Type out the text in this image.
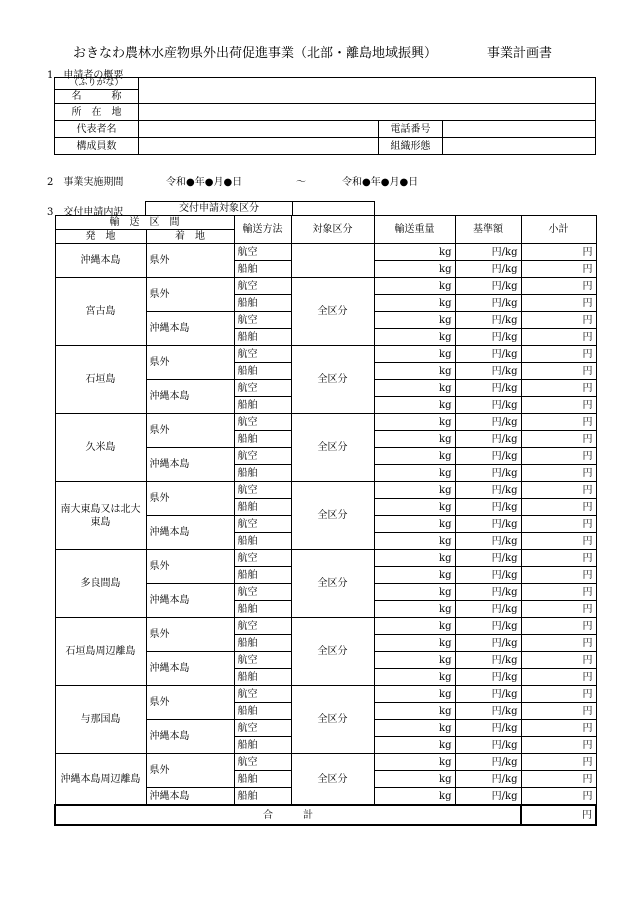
おきなわ農林水産物県外出荷促進事業（北部・離島地域振興）	事業計画書
1　申請者の概要
（ふりがな）			
名　　　称			
所　在　地			
代表者名		電話番号	
構成員数		組織形態	
2　事業実施期間	令和●年●月●日	～	令和●年●月●日
3　交付申請内訳	交付申請対象区分	
輸　送　区　間		輸送方法	対象区分	輸送重量	基準額	小計
発　地	着　地					
沖縄本島	県外	航空		kg	円/kg	円
		船舶		kg	円/kg	円
宮古島	県外	航空	全区分	kg	円/kg	円
		船舶		kg	円/kg	円
	沖縄本島	航空		kg	円/kg	円
		船舶		kg	円/kg	円
石垣島	県外	航空	全区分	kg	円/kg	円
		船舶		kg	円/kg	円
	沖縄本島	航空		kg	円/kg	円
		船舶		kg	円/kg	円
久米島	県外	航空	全区分	kg	円/kg	円
		船舶		kg	円/kg	円
	沖縄本島	航空		kg	円/kg	円
		船舶		kg	円/kg	円
南大東島又は北大東島	県外	航空	全区分	kg	円/kg	円
		船舶		kg	円/kg	円
	沖縄本島	航空		kg	円/kg	円
		船舶		kg	円/kg	円
多良間島	県外	航空	全区分	kg	円/kg	円
		船舶		kg	円/kg	円
	沖縄本島	航空		kg	円/kg	円
		船舶		kg	円/kg	円
石垣島周辺離島	県外	航空	全区分	kg	円/kg	円
		船舶		kg	円/kg	円
	沖縄本島	航空		kg	円/kg	円
		船舶		kg	円/kg	円
与那国島	県外	航空	全区分	kg	円/kg	円
		船舶		kg	円/kg	円
	沖縄本島	航空		kg	円/kg	円
		船舶		kg	円/kg	円
沖縄本島周辺離島	県外	航空	全区分	kg	円/kg	円
		船舶		kg	円/kg	円
	沖縄本島	船舶		kg	円/kg	円
合　　　計						円
